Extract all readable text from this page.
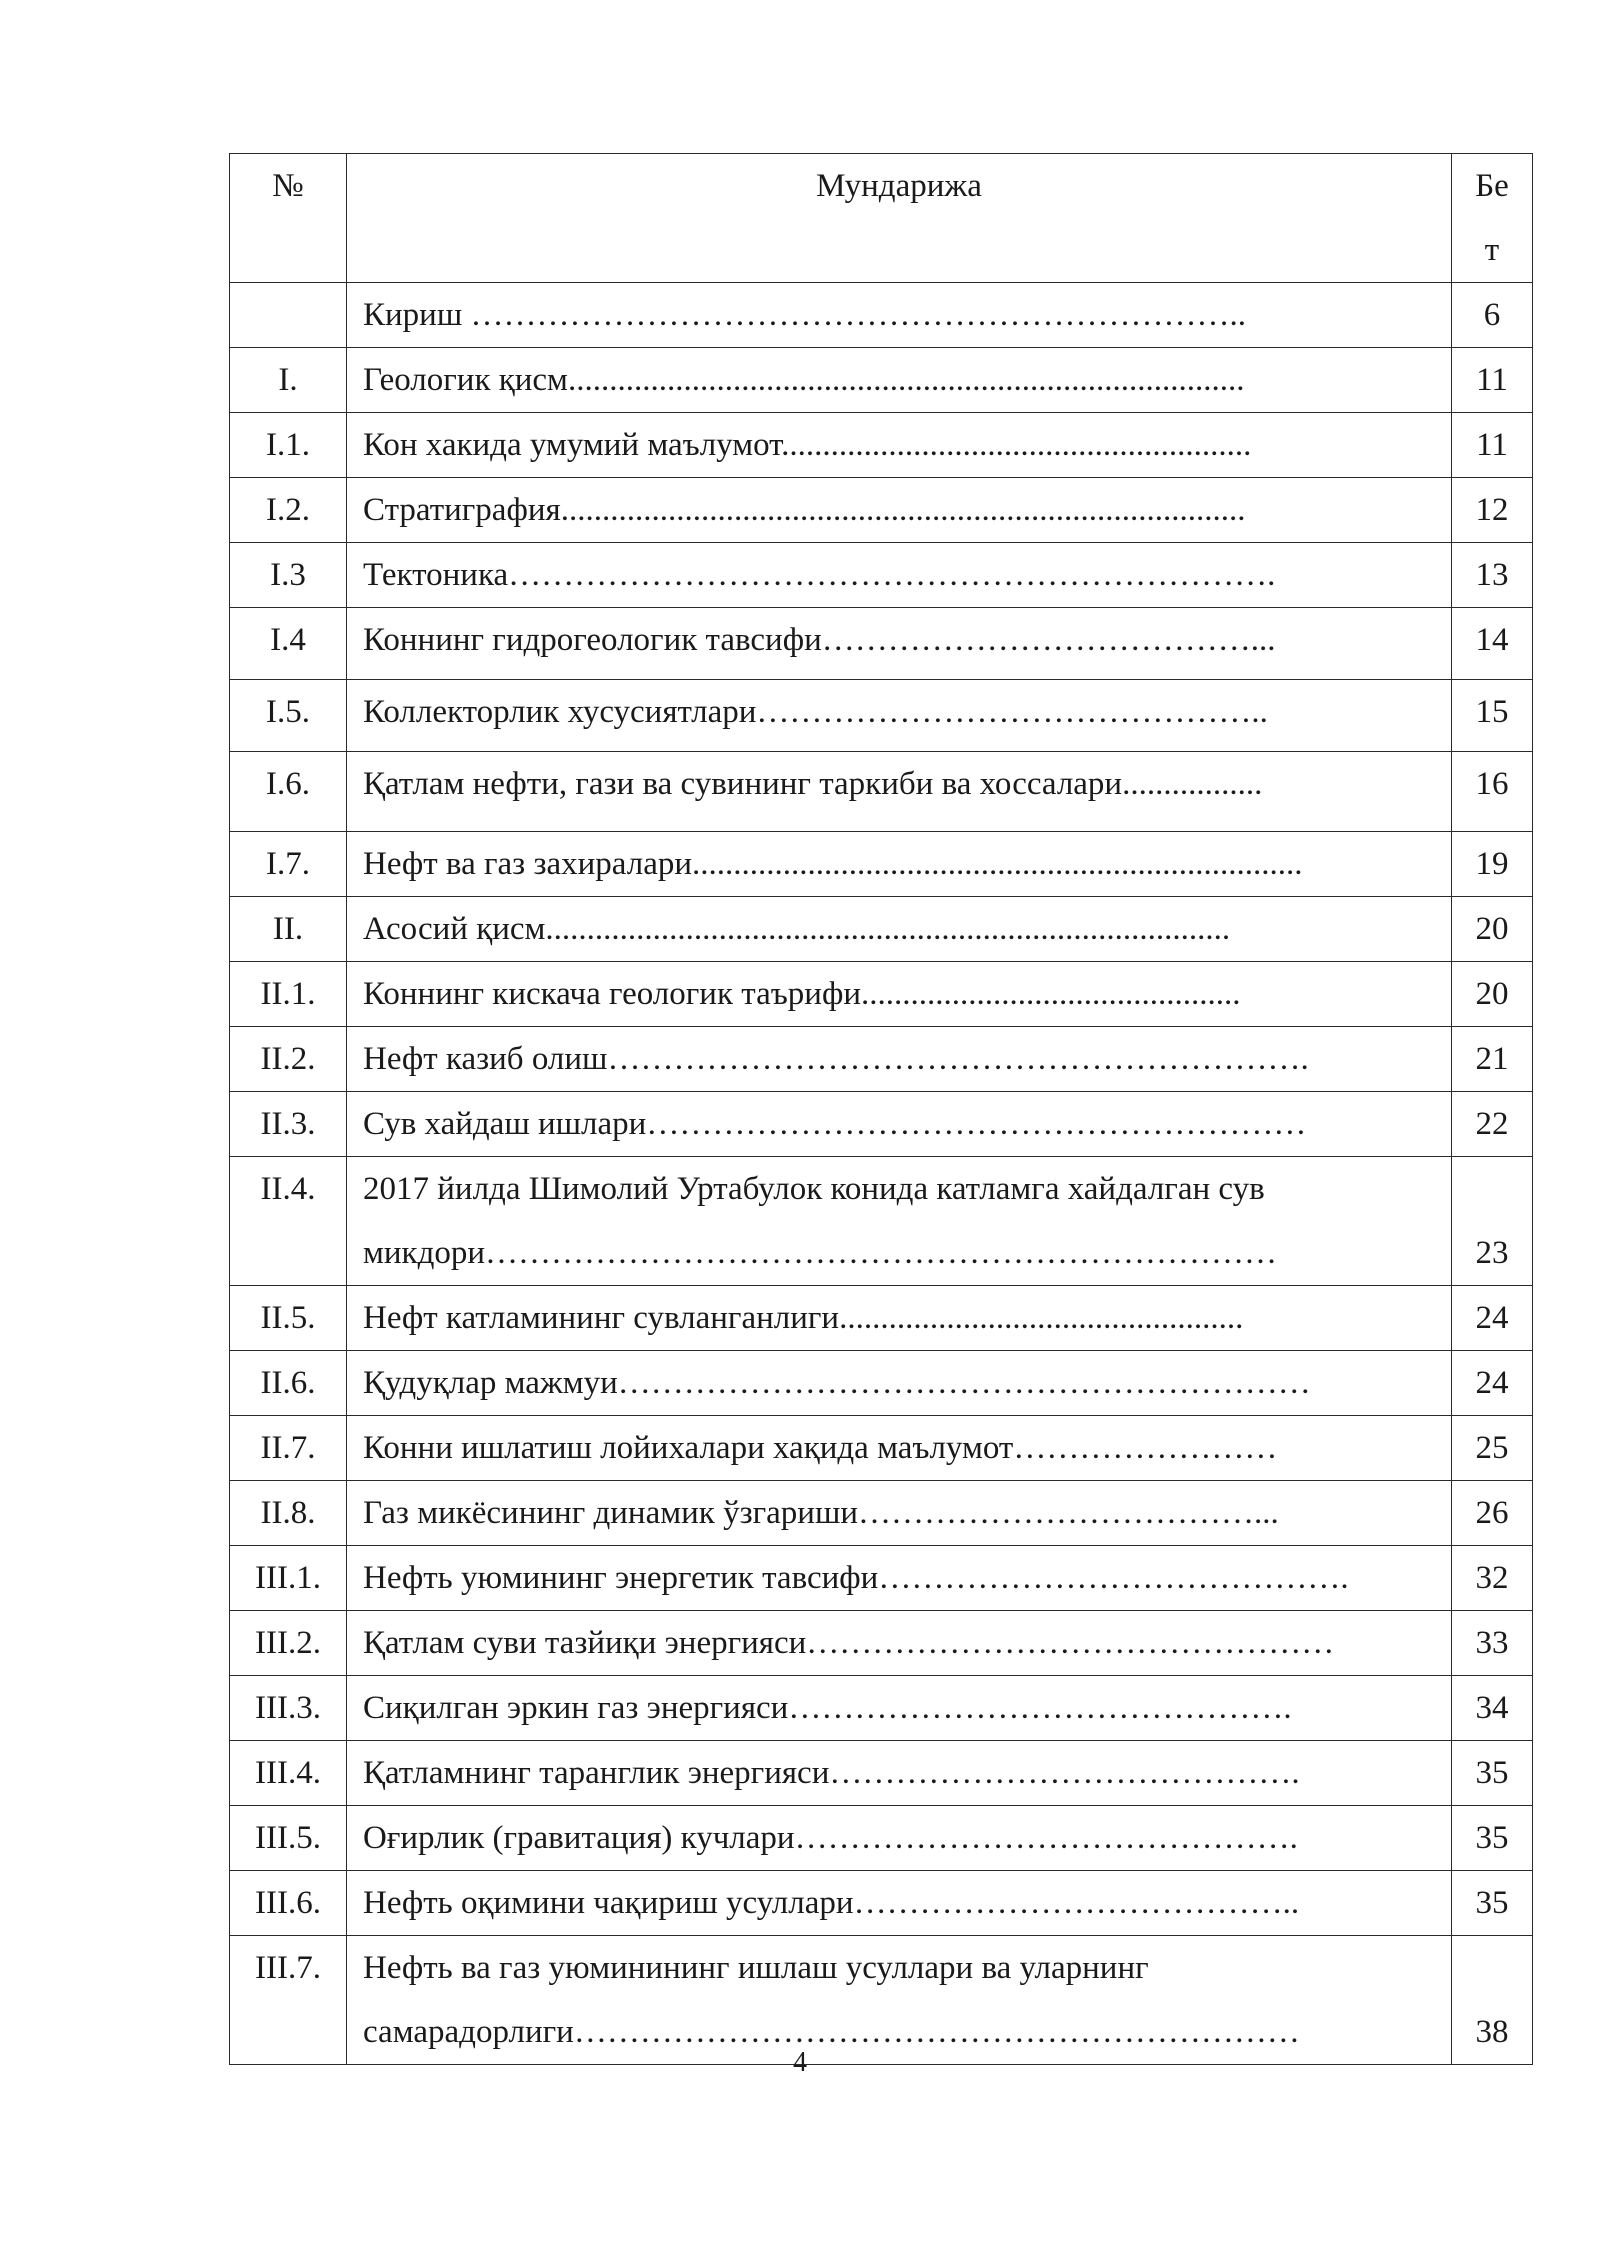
№	Мундарижа	Бе
т

	Кириш ……………………………………………………………..	6
I.	Геологик қисм..................................................................................	11
I.1.	Кон хакида умумий маълумот.........................................................	11
I.2.	Стратиграфия...................................................................................	12
I.3	Тектоника…………………………………………………………….	13
I.4	Коннинг гидрогеологик тавсифи…………………………………...	14
I.5.	Коллекторлик хусусиятлари………………………………………..	15
I.6.	Қатлам нефти, гази ва сувининг таркиби ва хоссалари.................	16
I.7.	Нефт ва газ захиралари..........................................................................	19
II.	Асосий қисм...................................................................................	20
II.1.	Коннинг кискача геологик таърифи..............................................	20
II.2.	Нефт казиб олиш……………………………………………………….	21
II.3.	Сув хайдаш ишлари……………………………………………………	22
II.4.	2017 йилда Шимолий Уртабулок конида катламга хайдалган сув
микдори………………………………………………………………	23
II.5.	Нефт катламининг сувланганлиги.................................................	24
II.6.	Қудуқлар мажмуи………………………………………………………	24
II.7.	Конни ишлатиш лойихалари хақида маълумот……………………	25
II.8.	Газ микёсининг динамик ўзгариши………………………………...	26
III.1.	Нефть уюмининг энергетик тавсифи…………………………………….	32
III.2.	Қатлам суви тазйиқи энергияси…………………………………………	33
III.3.	Сиқилган эркин газ энергияси……………………………………….	34
III.4.	Қатламнинг таранглик энергияси…………………………………….	35
III.5.	Оғирлик (гравитация) кучлари……………………………………….	35
III.6.	Нефть оқимини чақириш усуллари…………………………………..	35
III.7.	Нефть ва газ уюминининг ишлаш усуллари ва уларнинг
самарадорлиги…………………………………………………………	38
4
